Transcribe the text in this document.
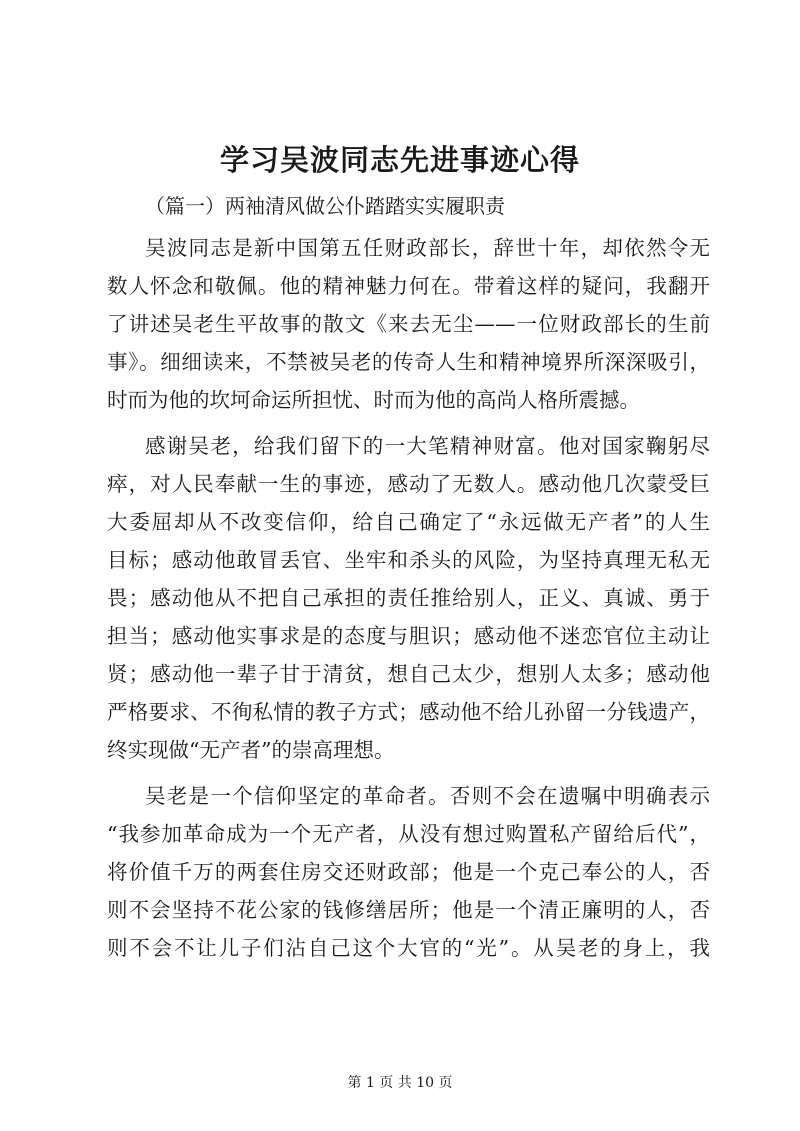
学习吴波同志先进事迹心得

（篇一）两袖清风做公仆踏踏实实履职责

吴波同志是新中国第五任财政部长，辞世十年，却依然令无

数人怀念和敬佩。他的精神魅力何在。带着这样的疑问，我翻开

了讲述吴老生平故事的散文《来去无尘——一位财政部长的生前

事》。细细读来，不禁被吴老的传奇人生和精神境界所深深吸引，

时而为他的坎坷命运所担忧、时而为他的高尚人格所震撼。

感谢吴老，给我们留下的一大笔精神财富。他对国家鞠躬尽

瘁，对人民奉献一生的事迹，感动了无数人。感动他几次蒙受巨

大委屈却从不改变信仰，给自己确定了“永远做无产者”的人生

目标；感动他敢冒丢官、坐牢和杀头的风险，为坚持真理无私无

畏；感动他从不把自己承担的责任推给别人，正义、真诚、勇于

担当；感动他实事求是的态度与胆识；感动他不迷恋官位主动让

贤；感动他一辈子甘于清贫，想自己太少，想别人太多；感动他

严格要求、不徇私情的教子方式；感动他不给儿孙留一分钱遗产，

终实现做“无产者”的崇高理想。

吴老是一个信仰坚定的革命者。否则不会在遗嘱中明确表示

“我参加革命成为一个无产者，从没有想过购置私产留给后代”，

将价值千万的两套住房交还财政部；他是一个克己奉公的人，否

则不会坚持不花公家的钱修缮居所；他是一个清正廉明的人，否

则不会不让儿子们沾自己这个大官的“光”。从吴老的身上，我

第 1 页 共 10 页
